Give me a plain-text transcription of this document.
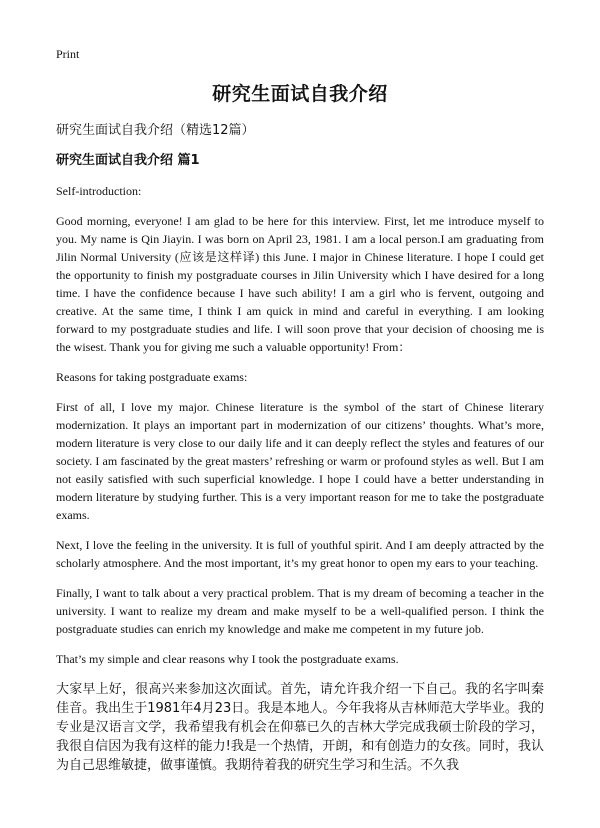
Print
研究生面试自我介绍
研究生面试自我介绍（精选12篇）
研究生面试自我介绍 篇1

Self-introduction:

Good morning, everyone! I am glad to be here for this interview. First, let me introduce myself to you. My name is Qin Jiayin. I was born on April 23, 1981. I am a local person.I am graduating from Jilin Normal University (应该是这样译) this June. I major in Chinese literature. I hope I could get the opportunity to finish my postgraduate courses in Jilin University which I have desired for a long time. I have the confidence because I have such ability! I am a girl who is fervent, outgoing and creative. At the same time, I think I am quick in mind and careful in everything. I am looking forward to my postgraduate studies and life. I will soon prove that your decision of choosing me is the wisest. Thank you for giving me such a valuable opportunity! From：

Reasons for taking postgraduate exams:

First of all, I love my major. Chinese literature is the symbol of the start of Chinese literary modernization. It plays an important part in modernization of our citizens’ thoughts. What’s more, modern literature is very close to our daily life and it can deeply reflect the styles and features of our society. I am fascinated by the great masters’ refreshing or warm or profound styles as well. But I am not easily satisfied with such superficial knowledge. I hope I could have a better understanding in modern literature by studying further. This is a very important reason for me to take the postgraduate exams.

Next, I love the feeling in the university. It is full of youthful spirit. And I am deeply attracted by the scholarly atmosphere. And the most important, it’s my great honor to open my ears to your teaching.

Finally, I want to talk about a very practical problem. That is my dream of becoming a teacher in the university. I want to realize my dream and make myself to be a well-qualified person. I think the postgraduate studies can enrich my knowledge and make me competent in my future job.

That’s my simple and clear reasons why I took the postgraduate exams.

大家早上好，很高兴来参加这次面试。首先，请允许我介绍一下自己。我的名字叫秦佳音。我出生于1981年4月23日。我是本地人。今年我将从吉林师范大学毕业。我的专业是汉语言文学，我希望我有机会在仰慕已久的吉林大学完成我硕士阶段的学习，我很自信因为我有这样的能力!我是一个热情，开朗，和有创造力的女孩。同时，我认为自己思维敏捷，做事谨慎。我期待着我的研究生学习和生活。不久我
